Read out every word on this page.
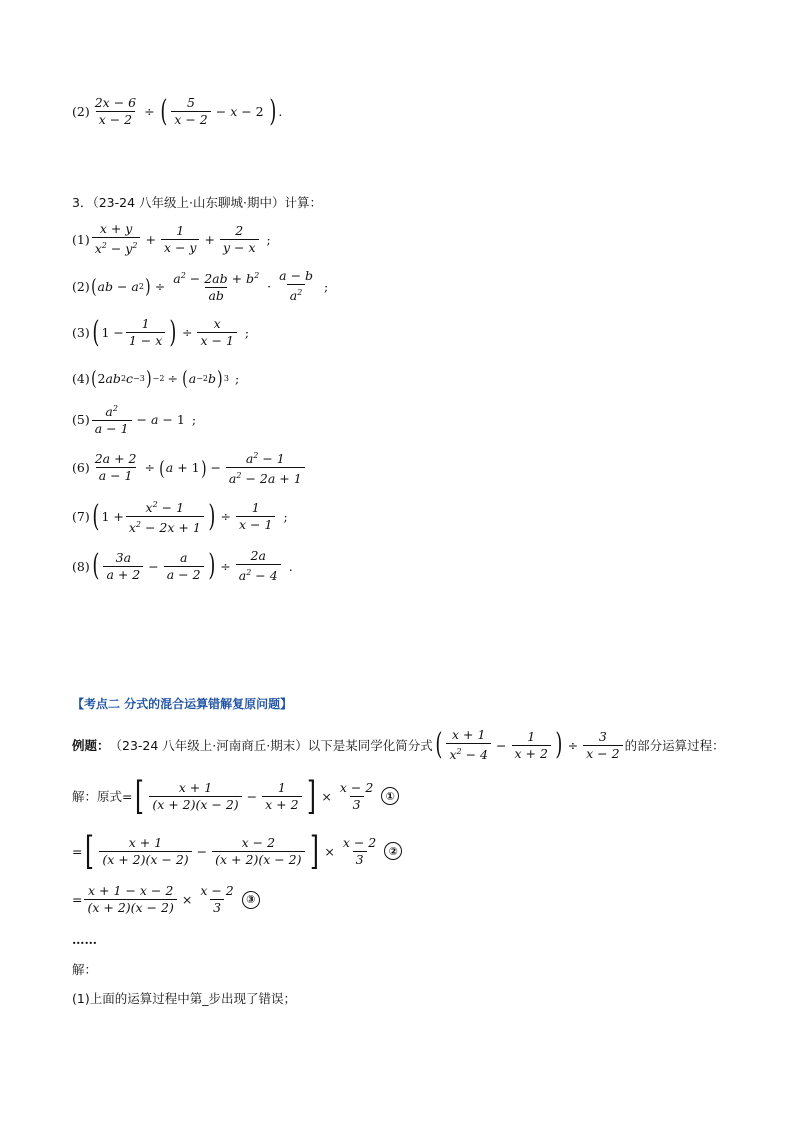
$(2) \frac{2x - 6}{x - 2}$ ÷ ( $\frac{5}{x - 2} - x - 2$ ) .
3．（23-24 八年级上·山东聊城·期中）计算：
$(1) \frac{x + y}{x^2 - y^2} + \frac{1}{x - y} + \frac{2}{y - x}$ ;
(2) ( ab − a 2 ) ÷ $\frac{a^2 - 2ab + b^2}{ab} \cdot \frac{a - b}{a^2}$ ;
(3) ( $1 - \frac{1}{1 - x}$ ) ÷ $\frac{x}{x - 1}$ ;
(4) ( 2 ab 2 c −3 ) −2 ÷ ( a −2 b ) 3 ;
$(5) \frac{a^2}{a - 1} - a - 1$ ;
$(6) \frac{2a + 2}{a - 1}$ ÷ ( a + 1 ) − $\frac{a^2 - 1}{a^2 - 2a + 1}$
(7) ( $1 + \frac{x^2 - 1}{x^2 - 2x + 1}$ ) ÷ $\frac{1}{x - 1}$ ;
(8) ( $\frac{3a}{a + 2} - \frac{a}{a - 2}$ ) ÷ $\frac{2a}{a^2 - 4}$ .
【考点二 分式的混合运算错解复原问题】
例题： （23-24 八年级上·河南商丘·期末）以下是某同学化简分式 ( $\frac{x + 1}{x^2 - 4} - \frac{1}{x + 2}$ ) ÷ $\frac{3}{x - 2}$ 的部分运算过程：
解：原式= [ $\frac{x + 1}{(x + 2)(x - 2)} - \frac{1}{x + 2}$ ] × $\frac{x - 2}{3}$ ①
= [ $\frac{x + 1}{(x + 2)(x - 2)} - \frac{x - 2}{(x + 2)(x - 2)}$ ] × $\frac{x - 2}{3}$ ②
= $\frac{x + 1 - x - 2}{(x + 2)(x - 2)} \times \frac{x - 2}{3}$ ③
……
解：
(1)上面的运算过程中第_步出现了错误；
